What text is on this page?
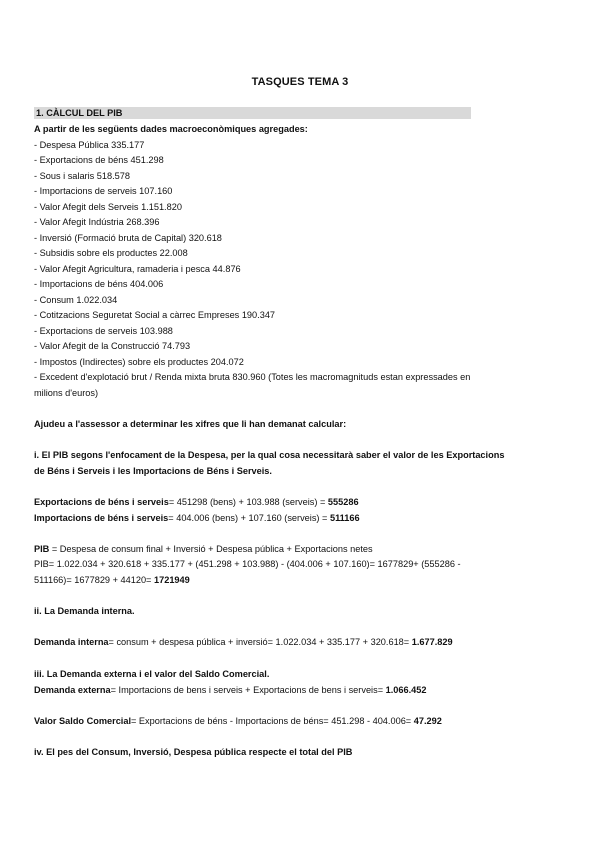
TASQUES TEMA 3
1. CÀLCUL DEL PIB
A partir de les següents dades macroeconòmiques agregades:
- Despesa Pública 335.177
- Exportacions de béns 451.298
- Sous i salaris 518.578
- Importacions de serveis 107.160
- Valor Afegit dels Serveis 1.151.820
- Valor Afegit Indústria 268.396
- Inversió (Formació bruta de Capital) 320.618
- Subsidis sobre els productes 22.008
- Valor Afegit Agricultura, ramaderia i pesca 44.876
- Importacions de béns 404.006
- Consum 1.022.034
- Cotitzacions Seguretat Social a càrrec Empreses 190.347
- Exportacions de serveis 103.988
- Valor Afegit de la Construcció 74.793
- Impostos (Indirectes) sobre els productes 204.072
- Excedent d'explotació brut / Renda mixta bruta 830.960 (Totes les macromagnituds estan expressades en
milions d'euros)
Ajudeu a l'assessor a determinar les xifres que li han demanat calcular:
i. El PIB segons l'enfocament de la Despesa, per la qual cosa necessitarà saber el valor de les Exportacions
de Béns i Serveis i les Importacions de Béns i Serveis.
Exportacions de béns i serveis= 451298 (bens) + 103.988 (serveis) = 555286
Importacions de béns i serveis= 404.006 (bens) + 107.160 (serveis) = 511166
PIB = Despesa de consum final + Inversió + Despesa pública + Exportacions netes
PIB= 1.022.034 + 320.618 + 335.177 + (451.298 + 103.988) - (404.006 + 107.160)= 1677829+ (555286 -
511166)= 1677829 + 44120= 1721949
ii. La Demanda interna.
Demanda interna= consum + despesa pública + inversió= 1.022.034 + 335.177 + 320.618= 1.677.829
iii. La Demanda externa i el valor del Saldo Comercial.
Demanda externa= Importacions de bens i serveis + Exportacions de bens i serveis= 1.066.452
Valor Saldo Comercial= Exportacions de béns - Importacions de béns= 451.298 - 404.006= 47.292
iv. El pes del Consum, Inversió, Despesa pública respecte el total del PIB
